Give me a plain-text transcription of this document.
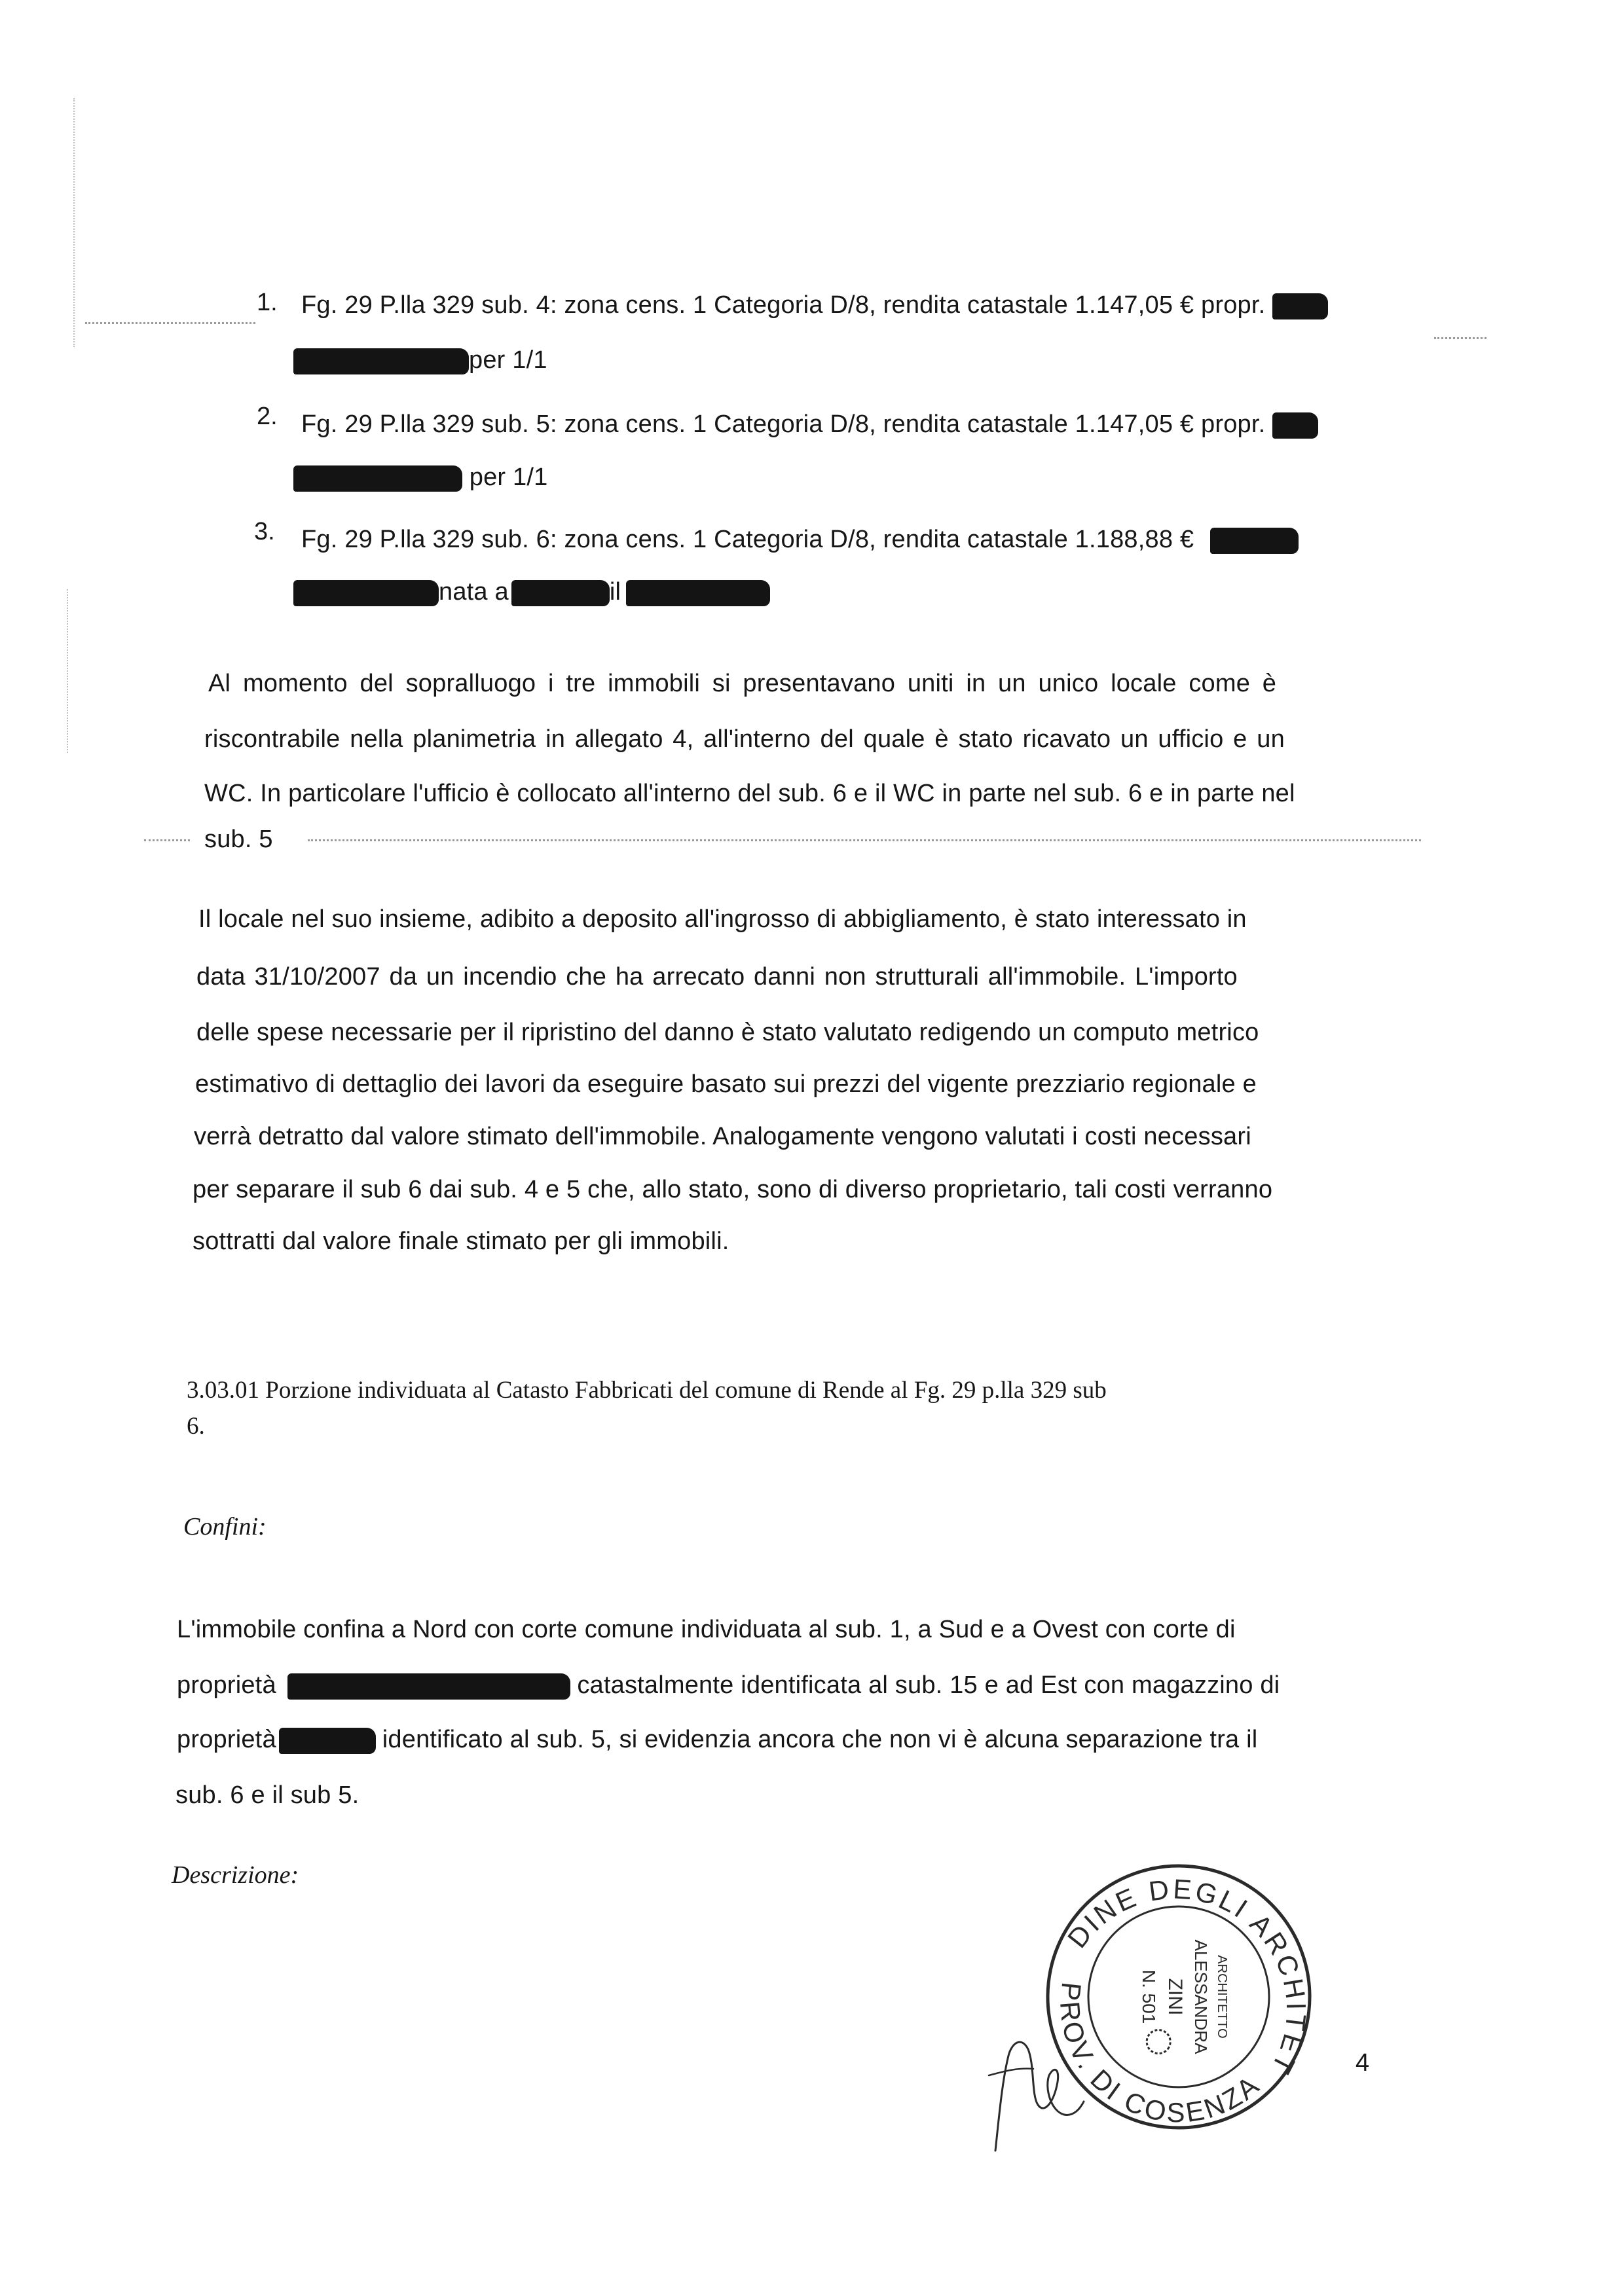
1. Fg. 29 P.lla 329 sub. 4: zona cens. 1 Categoria D/8, rendita catastale 1.147,05 € propr.
per 1/1
2. Fg. 29 P.lla 329 sub. 5: zona cens. 1 Categoria D/8, rendita catastale 1.147,05 € propr.
per 1/1
3. Fg. 29 P.lla 329 sub. 6: zona cens. 1 Categoria D/8, rendita catastale 1.188,88 €
nata a	il
Al momento del sopralluogo i tre immobili si presentavano uniti in un unico locale come è
riscontrabile nella planimetria in allegato 4, all'interno del quale è stato ricavato un ufficio e un
WC. In particolare l'ufficio è collocato all'interno del sub. 6 e il WC in parte nel sub. 6 e in parte nel
sub. 5
Il locale nel suo insieme, adibito a deposito all'ingrosso di abbigliamento, è stato interessato in
data 31/10/2007 da un incendio che ha arrecato danni non strutturali all'immobile. L'importo
delle spese necessarie per il ripristino del danno è stato valutato redigendo un computo metrico
estimativo di dettaglio dei lavori da eseguire basato sui prezzi del vigente prezziario regionale e
verrà detratto dal valore stimato dell'immobile. Analogamente vengono valutati i costi necessari
per separare il sub 6 dai sub. 4 e 5 che, allo stato, sono di diverso proprietario, tali costi verranno
sottratti dal valore finale stimato per gli immobili.
3.03.01 Porzione individuata al Catasto Fabbricati del comune di Rende al Fg. 29 p.lla 329 sub
6.
Confini:
L'immobile confina a Nord con corte comune individuata al sub. 1, a Sud e a Ovest con corte di
proprietà	catastalmente identificata al sub. 15 e ad Est con magazzino di
proprietà	identificato al sub. 5, si evidenzia ancora che non vi è alcuna separazione tra il
sub. 6 e il sub 5.
Descrizione:
ORDINE DEGLI ARCHITETTI
PROV. DI COSENZA
ARCHITETTO
ALESSANDRA
ZINI
N. 501
4
